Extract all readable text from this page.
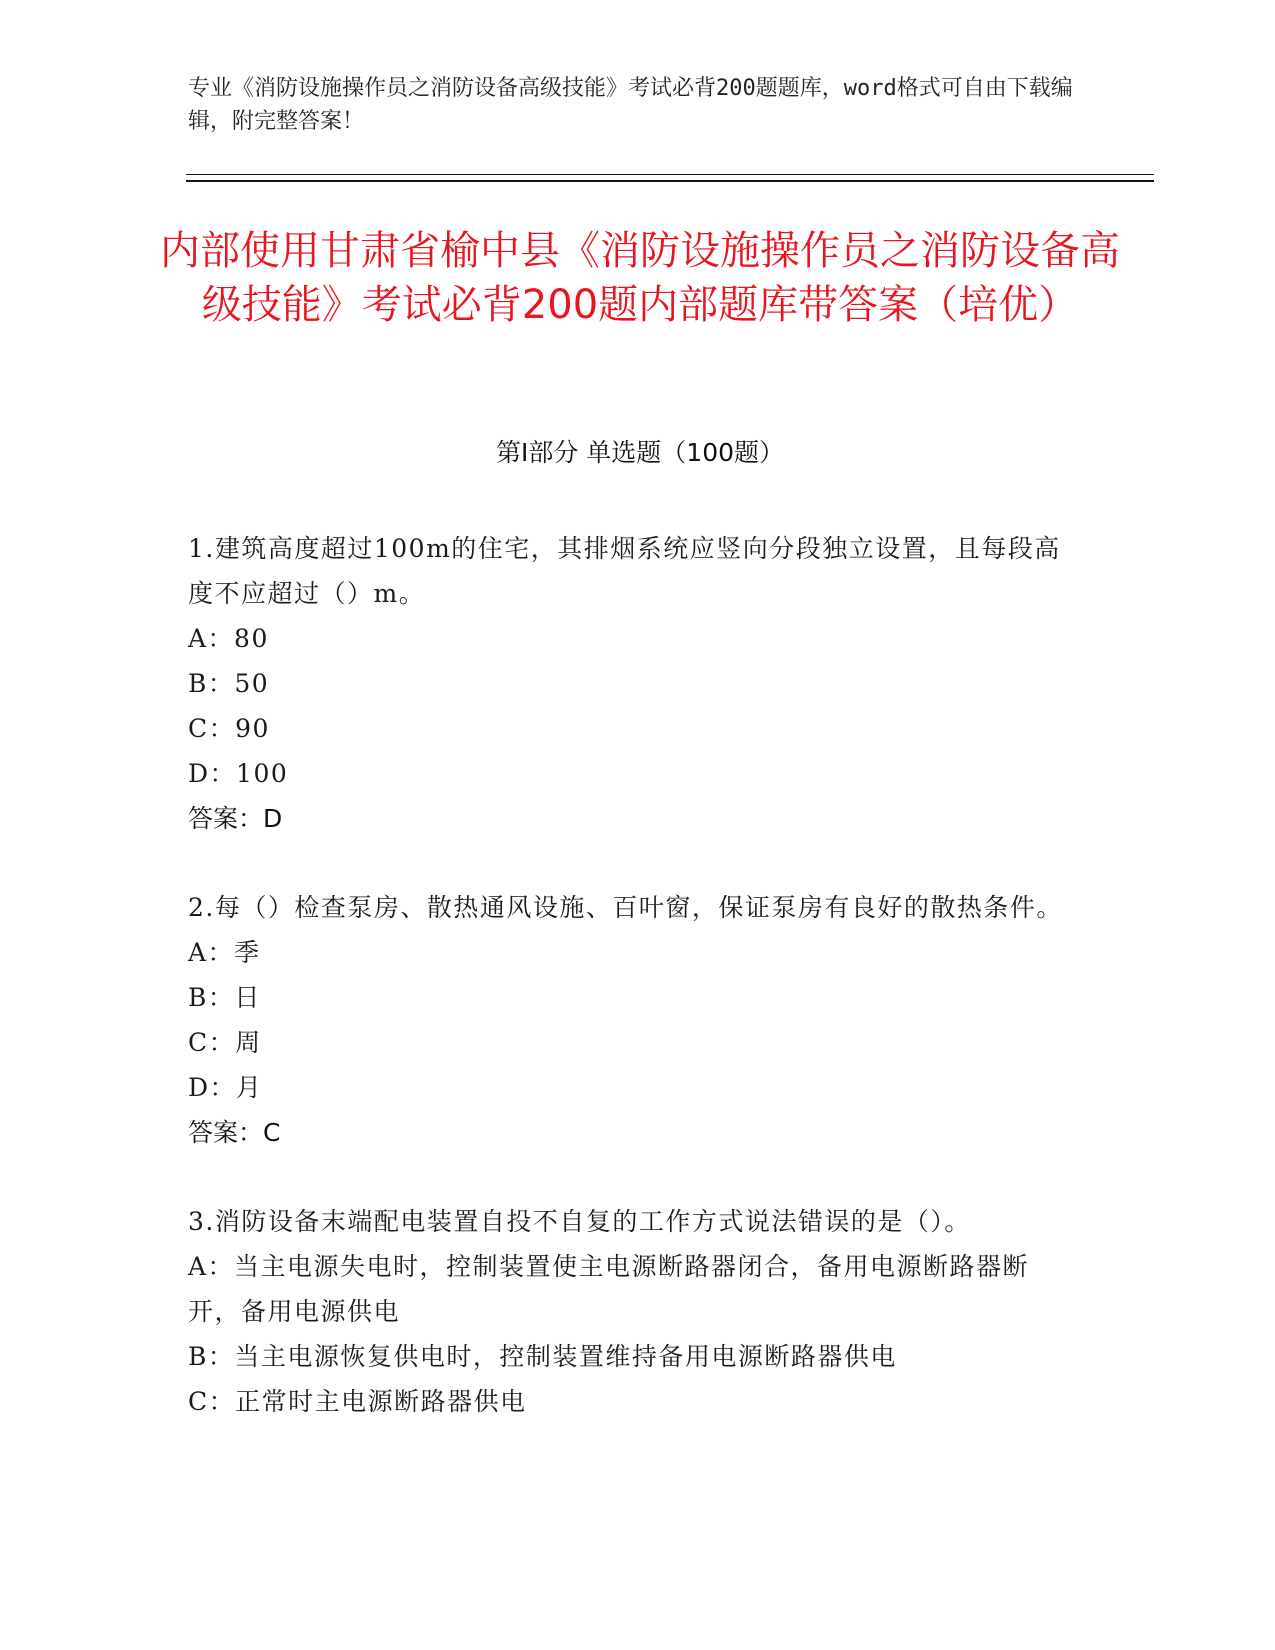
专业《消防设施操作员之消防设备高级技能》考试必背200题题库，word格式可自由下载编辑，附完整答案！
内部使用甘肃省榆中县《消防设施操作员之消防设备高级技能》考试必背200题内部题库带答案（培优）
第Ⅰ部分 单选题（100题）
1.建筑高度超过100m的住宅，其排烟系统应竖向分段独立设置，且每段高度不应超过（）m。
A：80
B：50
C：90
D：100
答案：D
2.每（）检查泵房、散热通风设施、百叶窗，保证泵房有良好的散热条件。
A：季
B：日
C：周
D：月
答案：C
3.消防设备末端配电装置自投不自复的工作方式说法错误的是（）。
A：当主电源失电时，控制装置使主电源断路器闭合，备用电源断路器断开，备用电源供电
B：当主电源恢复供电时，控制装置维持备用电源断路器供电
C：正常时主电源断路器供电
